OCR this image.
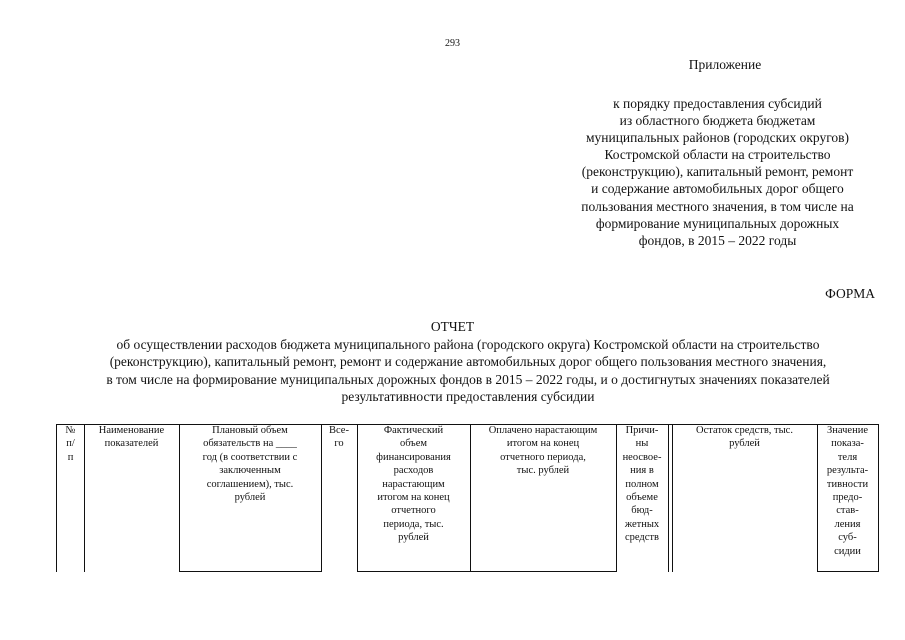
293
Приложение
к порядку предоставления субсидий
из областного бюджета бюджетам
муниципальных районов (городских округов)
Костромской области на строительство
(реконструкцию), капитальный ремонт, ремонт
и содержание автомобильных дорог общего
пользования местного значения, в том числе на
формирование муниципальных дорожных
фондов, в 2015 – 2022 годы
ФОРМА
ОТЧЕТ
об осуществлении расходов бюджета муниципального района (городского округа) Костромской области на строительство
(реконструкцию), капитальный ремонт, ремонт и содержание автомобильных дорог общего пользования местного значения,
в том числе на формирование муниципальных дорожных фондов в 2015 – 2022 годы, и о достигнутых значениях показателей
результативности предоставления субсидии
№
п/
п
Наименование
показателей
Плановый объем
обязательств на ____
год (в соответствии с
заключенным
соглашением), тыс.
рублей
Все-
го
Фактический
объем
финансирования
расходов
нарастающим
итогом на конец
отчетного
периода, тыс.
рублей
Оплачено нарастающим
итогом на конец
отчетного периода,
тыс. рублей
Причи-
ны
неосвое-
ния в
полном
объеме
бюд-
жетных
средств
Остаток средств, тыс.
рублей
Значение
показа-
теля
результа-
тивности
предо-
став-
ления
суб-
сидии
